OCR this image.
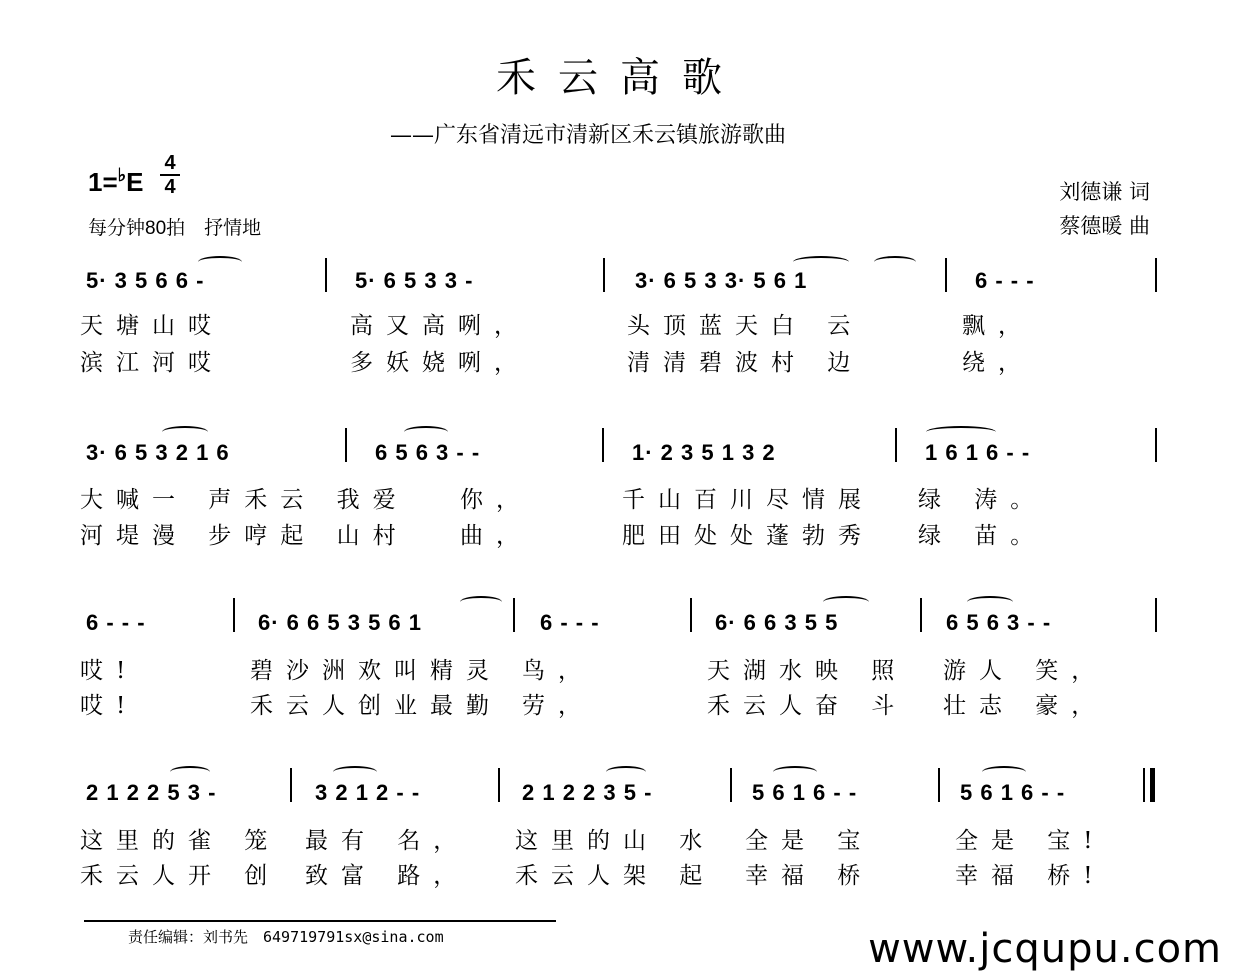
禾云高歌
——广东省清远市清新区禾云镇旅游歌曲
1=♭E
4
4
每分钟80拍　抒情地
刘德谦 词
蔡德暖 曲
5· 3 5 6 6 -	5· 6 5 3 3 -	3· 6 5 3 3· 5 6 1	6 - - -
天塘山哎	高又高咧，	头顶蓝天白 云	飘，
滨江河哎	多妖娆咧，	清清碧波村 边	绕，
3· 6 5 3 2 1 6	6 5 6 3 - -	1· 2 3 5 1 3 2	1 6 1 6 - -
大喊一 声禾云 我爱 你，	千山百川尽情展 绿 涛。
河堤漫 步哼起 山村 曲，	肥田处处蓬勃秀 绿 苗。
6 - - -	6· 6 6 5 3 5 6 1	6 - - -	6· 6 6 3 5 5	6 5 6 3 - -
哎!	碧沙洲欢叫精灵 鸟，	天湖水映 照 游人 笑，
哎!	禾云人创业最勤 劳，	禾云人奋 斗 壮志 豪，
2 1 2 2 5 3 -	3 2 1 2 - -	2 1 2 2 3 5 -	5 6 1 6 - -	5 6 1 6 - -
这里的雀 笼 最有 名， 这里的山 水 全是 宝	全是 宝!
禾云人开 创 致富 路， 禾云人架 起 幸福 桥	幸福 桥!
责任编辑：刘书先　649719791sx@sina.com	www.jcqupu.com
